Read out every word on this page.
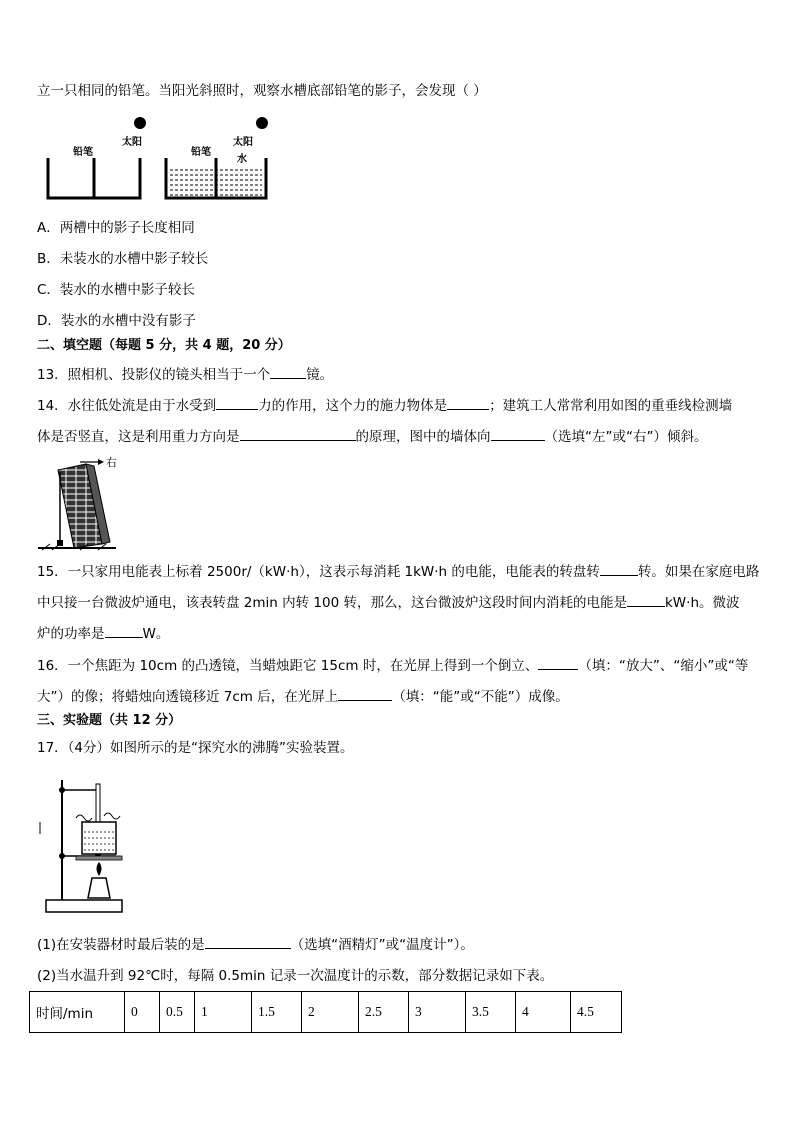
立一只相同的铅笔。当阳光斜照时，观察水槽底部铅笔的影子，会发现（ ）
铅笔
太阳
铅笔
太阳
水
A．两槽中的影子长度相同
B．未装水的水槽中影子较长
C．装水的水槽中影子较长
D．装水的水槽中没有影子
二、填空题（每题 5 分，共 4 题，20 分）
13．照相机、投影仪的镜头相当于一个	镜。
14．水往低处流是由于水受到	力的作用，这个力的施力物体是	；建筑工人常常利用如图的重垂线检测墙
体是否竖直，这是利用重力方向是	的原理，图中的墙体向	（选填“左”或“右”）倾斜。
右
15．一只家用电能表上标着 2500r/（kW·h），这表示每消耗 1kW·h 的电能，电能表的转盘转	转。如果在家庭电路
中只接一台微波炉通电，该表转盘 2min 内转 100 转，那么，这台微波炉这段时间内消耗的电能是	kW·h。微波
炉的功率是	W。
16．一个焦距为 10cm 的凸透镜，当蜡烛距它 15cm 时，在光屏上得到一个倒立、	（填：“放大”、“缩小”或“等
大”）的像；将蜡烛向透镜移近 7cm 后，在光屏上	（填：“能”或“不能”）成像。
三、实验题（共 12 分）
17．（4分）如图所示的是“探究水的沸腾”实验装置。
(1)在安装器材时最后装的是	（选填“酒精灯”或“温度计”）。
(2)当水温升到 92℃时，每隔 0.5min 记录一次温度计的示数，部分数据记录如下表。
时间/min	0	0.5	1	1.5	2	2.5	3	3.5	4	4.5
